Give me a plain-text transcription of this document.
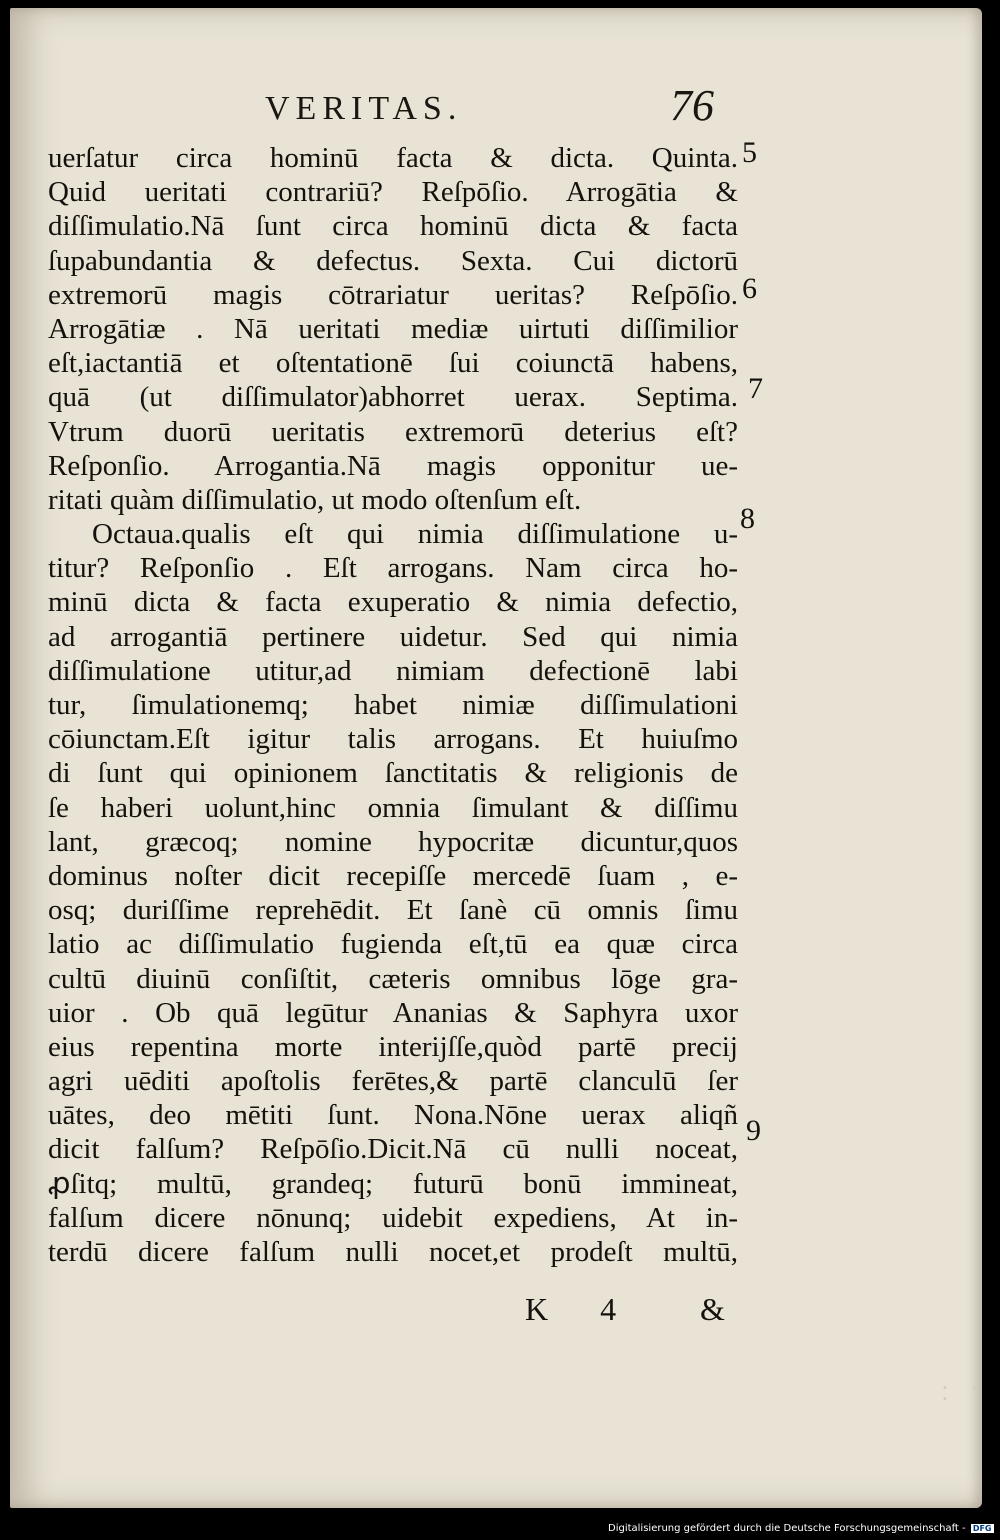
VERITAS.	76
uerſatur circa hominū facta & dicta. Quinta.
Quid ueritati contrariū? Reſpōſio. Arrogātia &
diſſimulatio.Nā ſunt circa hominū dicta & facta
ſupabundantia & defectus. Sexta. Cui dictorū
extremorū magis cōtrariatur ueritas? Reſpōſio.
Arrogātiæ . Nā ueritati mediæ uirtuti diſſimilior
eſt,iactantiā et oſtentationē ſui coiunctā habens,
quā (ut diſſimulator)abhorret uerax. Septima.
Vtrum duorū ueritatis extremorū deterius eſt?
Reſponſio. Arrogantia.Nā magis opponitur ue-
ritati quàm diſſimulatio, ut modo oſtenſum eſt.
Octaua.qualis eſt qui nimia diſſimulatione u-
titur? Reſponſio . Eſt arrogans. Nam circa ho-
minū dicta & facta exuperatio & nimia defectio,
ad arrogantiā pertinere uidetur. Sed qui nimia
diſſimulatione utitur,ad nimiam defectionē labi
tur, ſimulationemq; habet nimiæ diſſimulationi
cōiunctam.Eſt igitur talis arrogans. Et huiuſmo
di ſunt qui opinionem ſanctitatis & religionis de
ſe haberi uolunt,hinc omnia ſimulant & diſſimu
lant, græcoq; nomine hypocritæ dicuntur,quos
dominus noſter dicit recepiſſe mercedē ſuam , e-
osq; duriſſime reprehēdit. Et ſanè cū omnis ſimu
latio ac diſſimulatio fugienda eſt,tū ea quæ circa
cultū diuinū conſiſtit, cæteris omnibus lōge gra-
uior . Ob quā legūtur Ananias & Saphyra uxor
eius repentina morte interijſſe,quòd partē precij
agri uēditi apoſtolis ferētes,& partē clanculū ſer
uātes, deo mētiti ſunt. Nona.Nōne uerax aliqñ
dicit falſum? Reſpōſio.Dicit.Nā cū nulli noceat,
ꝓſitq; multū, grandeq; futurū bonū immineat,
falſum dicere nōnunq; uidebit expediens, At in-
terdū dicere falſum nulli nocet,et prodeſt multū,
5
6
7
8
9
K 4 &
• • •
Digitalisierung gefördert durch die Deutsche Forschungsgemeinschaft - DFG
